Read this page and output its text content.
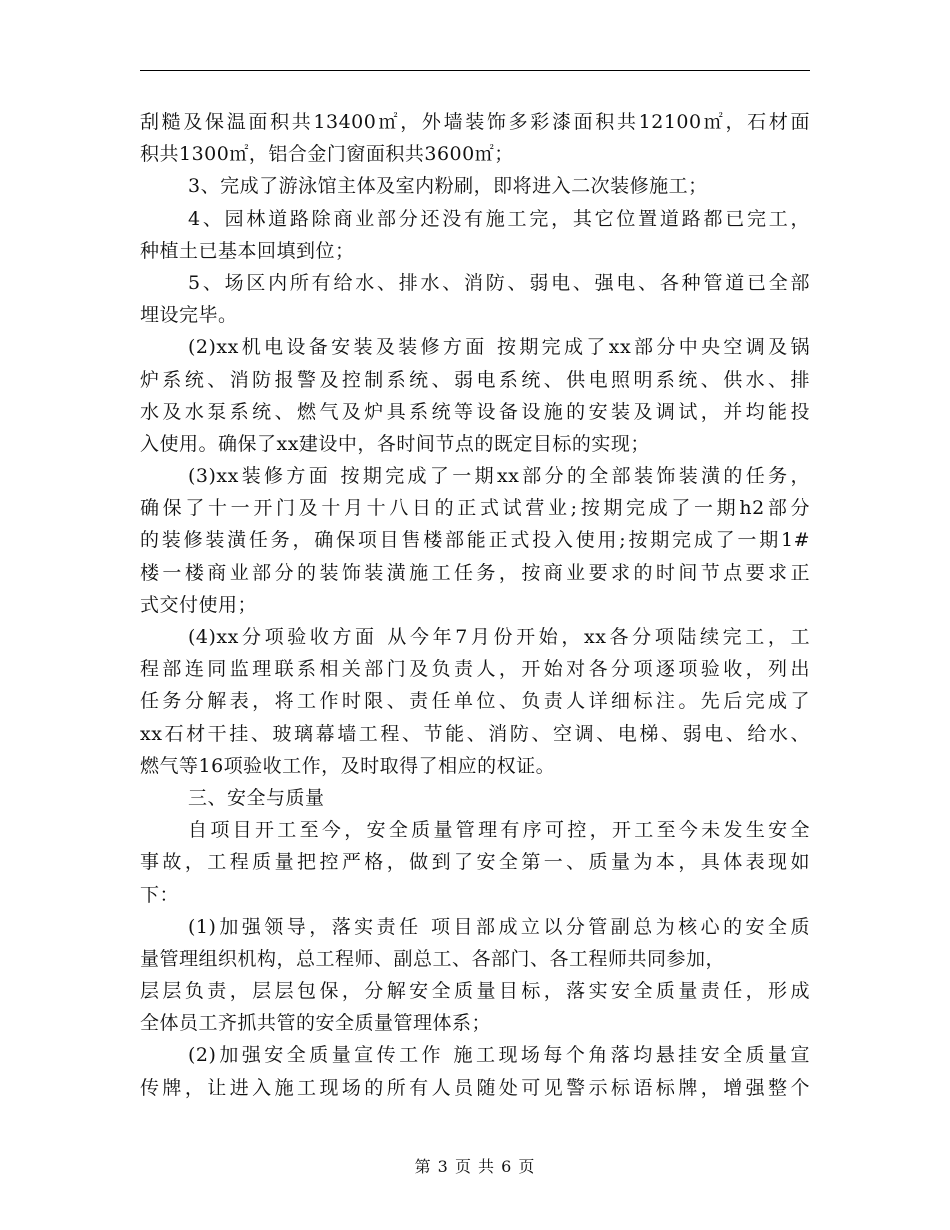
刮糙及保温面积共13400㎡，外墙装饰多彩漆面积共12100㎡，石材面
积共1300㎡，铝合金门窗面积共3600㎡；
3、完成了游泳馆主体及室内粉刷，即将进入二次装修施工；
4、园林道路除商业部分还没有施工完，其它位置道路都已完工，
种植土已基本回填到位；
5、场区内所有给水、排水、消防、弱电、强电、各种管道已全部
埋设完毕。
(2)xx机电设备安装及装修方面 按期完成了xx部分中央空调及锅
炉系统、消防报警及控制系统、弱电系统、供电照明系统、供水、排
水及水泵系统、燃气及炉具系统等设备设施的安装及调试，并均能投
入使用。确保了xx建设中，各时间节点的既定目标的实现；
(3)xx装修方面 按期完成了一期xx部分的全部装饰装潢的任务，
确保了十一开门及十月十八日的正式试营业;按期完成了一期h2部分
的装修装潢任务，确保项目售楼部能正式投入使用;按期完成了一期1#
楼一楼商业部分的装饰装潢施工任务，按商业要求的时间节点要求正
式交付使用；
(4)xx分项验收方面 从今年7月份开始，xx各分项陆续完工，工
程部连同监理联系相关部门及负责人，开始对各分项逐项验收，列出
任务分解表，将工作时限、责任单位、负责人详细标注。先后完成了
xx石材干挂、玻璃幕墙工程、节能、消防、空调、电梯、弱电、给水、
燃气等16项验收工作，及时取得了相应的权证。
三、安全与质量
自项目开工至今，安全质量管理有序可控，开工至今未发生安全
事故，工程质量把控严格，做到了安全第一、质量为本，具体表现如
下：
(1)加强领导，落实责任 项目部成立以分管副总为核心的安全质
量管理组织机构，总工程师、副总工、各部门、各工程师共同参加，
层层负责，层层包保，分解安全质量目标，落实安全质量责任，形成
全体员工齐抓共管的安全质量管理体系；
(2)加强安全质量宣传工作 施工现场每个角落均悬挂安全质量宣
传牌，让进入施工现场的所有人员随处可见警示标语标牌，增强整个
第 3 页 共 6 页
